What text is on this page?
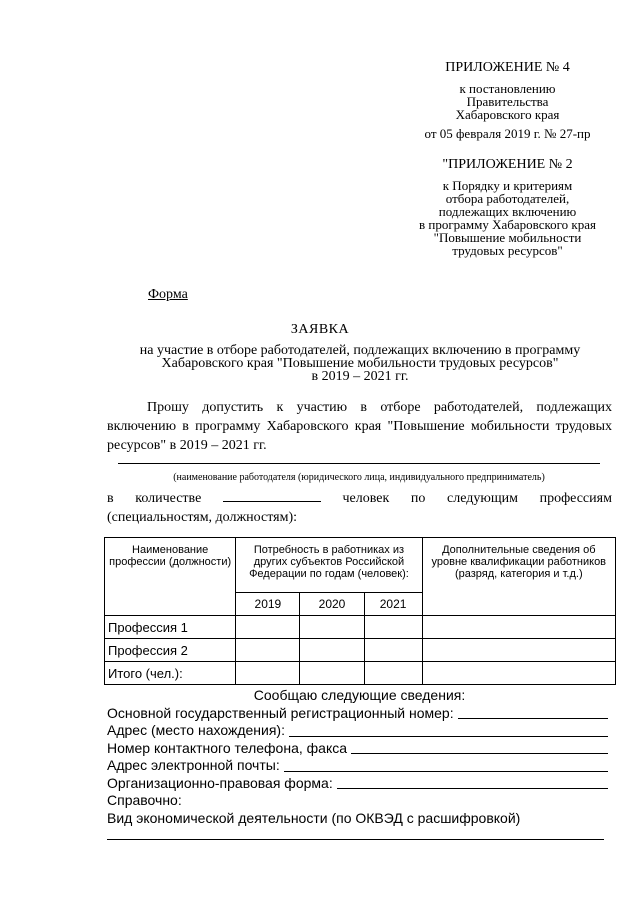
ПРИЛОЖЕНИЕ № 4
к постановлению
Правительства
Хабаровского края
от 05 февраля 2019 г. № 27-пр
"ПРИЛОЖЕНИЕ № 2
к Порядку и критериям
отбора работодателей,
подлежащих включению
в программу Хабаровского края
"Повышение мобильности
трудовых ресурсов"
Форма
ЗАЯВКА
на участие в отборе работодателей, подлежащих включению в программу
Хабаровского края "Повышение мобильности трудовых ресурсов"
в 2019 – 2021 гг.
Прошу допустить к участию в отборе работодателей, подлежащих включению в программу Хабаровского края "Повышение мобильности трудовых ресурсов" в 2019 – 2021 гг.
(наименование работодателя (юридического лица, индивидуального предприниматель)
в количестве	человек по следующим профессиям
(специальностям, должностям):
Наименование профессии (должности)	Потребность в работниках из других субъектов Российской Федерации по годам (человек):			Дополнительные сведения об уровне квалификации работников (разряд, категория и т.д.)
	2019	2020	2021	
Профессия 1				
Профессия 2				
Итого (чел.):				
Сообщаю следующие сведения:
Основной государственный регистрационный номер:
Адрес (место нахождения):
Номер контактного телефона, факса
Адрес электронной почты:
Организационно-правовая форма:
Справочно:
Вид экономической деятельности (по ОКВЭД с расшифровкой)
